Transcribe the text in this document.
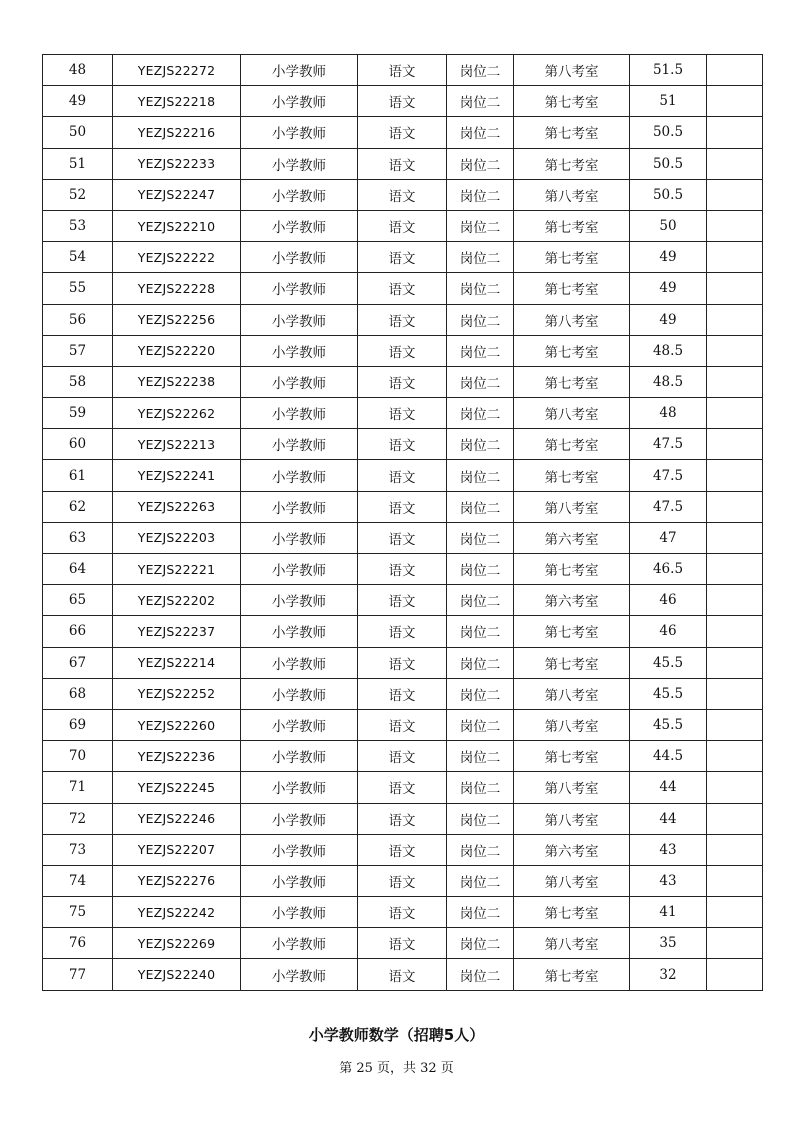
48	YEZJS22272	小学教师	语文	岗位二	第八考室	51.5	
49	YEZJS22218	小学教师	语文	岗位二	第七考室	51	
50	YEZJS22216	小学教师	语文	岗位二	第七考室	50.5	
51	YEZJS22233	小学教师	语文	岗位二	第七考室	50.5	
52	YEZJS22247	小学教师	语文	岗位二	第八考室	50.5	
53	YEZJS22210	小学教师	语文	岗位二	第七考室	50	
54	YEZJS22222	小学教师	语文	岗位二	第七考室	49	
55	YEZJS22228	小学教师	语文	岗位二	第七考室	49	
56	YEZJS22256	小学教师	语文	岗位二	第八考室	49	
57	YEZJS22220	小学教师	语文	岗位二	第七考室	48.5	
58	YEZJS22238	小学教师	语文	岗位二	第七考室	48.5	
59	YEZJS22262	小学教师	语文	岗位二	第八考室	48	
60	YEZJS22213	小学教师	语文	岗位二	第七考室	47.5	
61	YEZJS22241	小学教师	语文	岗位二	第七考室	47.5	
62	YEZJS22263	小学教师	语文	岗位二	第八考室	47.5	
63	YEZJS22203	小学教师	语文	岗位二	第六考室	47	
64	YEZJS22221	小学教师	语文	岗位二	第七考室	46.5	
65	YEZJS22202	小学教师	语文	岗位二	第六考室	46	
66	YEZJS22237	小学教师	语文	岗位二	第七考室	46	
67	YEZJS22214	小学教师	语文	岗位二	第七考室	45.5	
68	YEZJS22252	小学教师	语文	岗位二	第八考室	45.5	
69	YEZJS22260	小学教师	语文	岗位二	第八考室	45.5	
70	YEZJS22236	小学教师	语文	岗位二	第七考室	44.5	
71	YEZJS22245	小学教师	语文	岗位二	第八考室	44	
72	YEZJS22246	小学教师	语文	岗位二	第八考室	44	
73	YEZJS22207	小学教师	语文	岗位二	第六考室	43	
74	YEZJS22276	小学教师	语文	岗位二	第八考室	43	
75	YEZJS22242	小学教师	语文	岗位二	第七考室	41	
76	YEZJS22269	小学教师	语文	岗位二	第八考室	35	
77	YEZJS22240	小学教师	语文	岗位二	第七考室	32	
小学教师数学（招聘5人）
第 25 页，共 32 页
